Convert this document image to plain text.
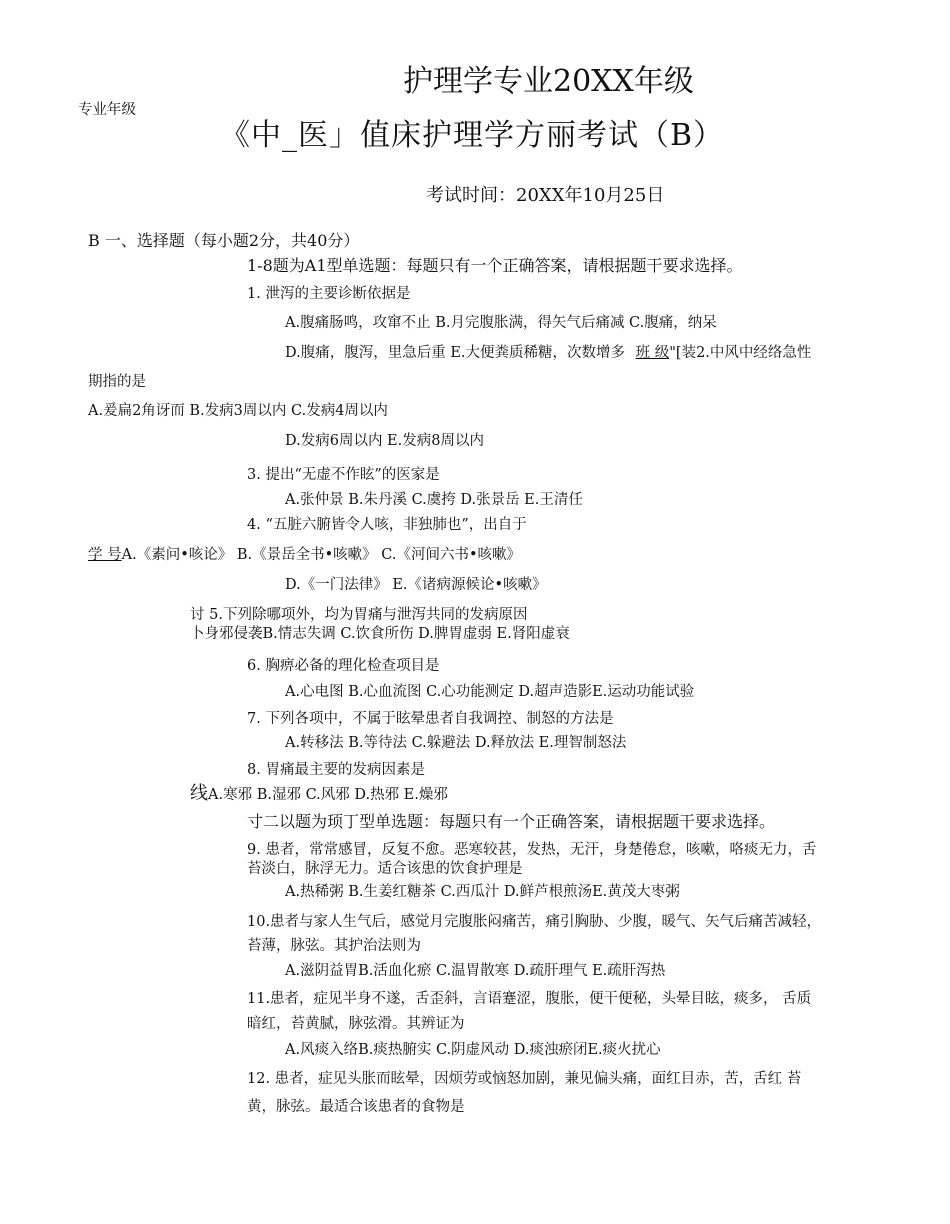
专业年级
护理学专业20XX年级
《中_医」值床护理学方丽考试（B）
考试时间：20XX年10月25日
B 一、选择题（每小题2分，共40分）
1-8题为A1型单选题：每题只有一个正确答案，请根据题干要求选择。
1. 泄泻的主要诊断依据是
A.腹痛肠鸣，攻窜不止 B.月完腹胀满，得矢气后痛减 C.腹痛，纳呆
D.腹痛，腹泻，里急后重 E.大便粪质稀糖，次数增多 班 级"[装2.中风中经络急性
期指的是
A.爰扁2角讶而 B.发病3周以内 C.发病4周以内
D.发病6周以内 E.发病8周以内
3. 提出“无虚不作眩”的医家是
A.张仲景 B.朱丹溪 C.虞挎 D.张景岳 E.王清任
4. “五脏六腑皆令人咳，非独肺也”，出自于
学 号A.《素问•咳论》 B.《景岳全书•咳嗽》 C.《河间六书•咳嗽》
D.《一门法律》 E.《诸病源候论•咳嗽》
讨 5.下列除哪项外，均为胃痛与泄泻共同的发病原因
卜身邪侵袭B.情志失调 C.饮食所伤 D.脾胃虚弱 E.肾阳虚衰
6. 胸痹必备的理化检查项目是
A.心电图 B.心血流图 C.心功能测定 D.超声造影E.运动功能试验
7. 下列各项中，不属于眩晕患者自我调控、制怒的方法是
A.转移法 B.等待法 C.躲避法 D.释放法 E.理智制怒法
8. 胃痛最主要的发病因素是
线A.寒邪 B.湿邪 C.风邪 D.热邪 E.燥邪
寸二以题为顼丁型单选题：每题只有一个正确答案，请根据题干要求选择。
9. 患者，常常感冒，反复不愈。恶寒较甚，发热，无汗，身楚倦怠，咳嗽，咯痰无力，舌
苔淡白，脉浮无力。适合该患的饮食护理是
A.热稀粥 B.生姜红糖茶 C.西瓜汁 D.鲜芦根煎汤E.黄茂大枣粥
10.患者与家人生气后，感觉月完腹胀闷痛苦，痛引胸胁、少腹，暖气、矢气后痛苦减轻，
苔薄，脉弦。其护治法则为
A.滋阴益胃B.活血化瘀 C.温胃散寒 D.疏肝理气 E.疏肝泻热
11.患者，症见半身不遂，舌歪斜，言语蹇涩，腹胀，便干便秘，头晕目眩，痰多， 舌质
暗红，苔黄腻，脉弦滑。其辨证为
A.风痰入络B.痰热腑实 C.阴虚风动 D.痰浊瘀闭E.痰火扰心
12. 患者，症见头胀而眩晕，因烦劳或恼怒加剧，兼见偏头痛，面红目赤，苦，舌红 苔
黄，脉弦。最适合该患者的食物是
